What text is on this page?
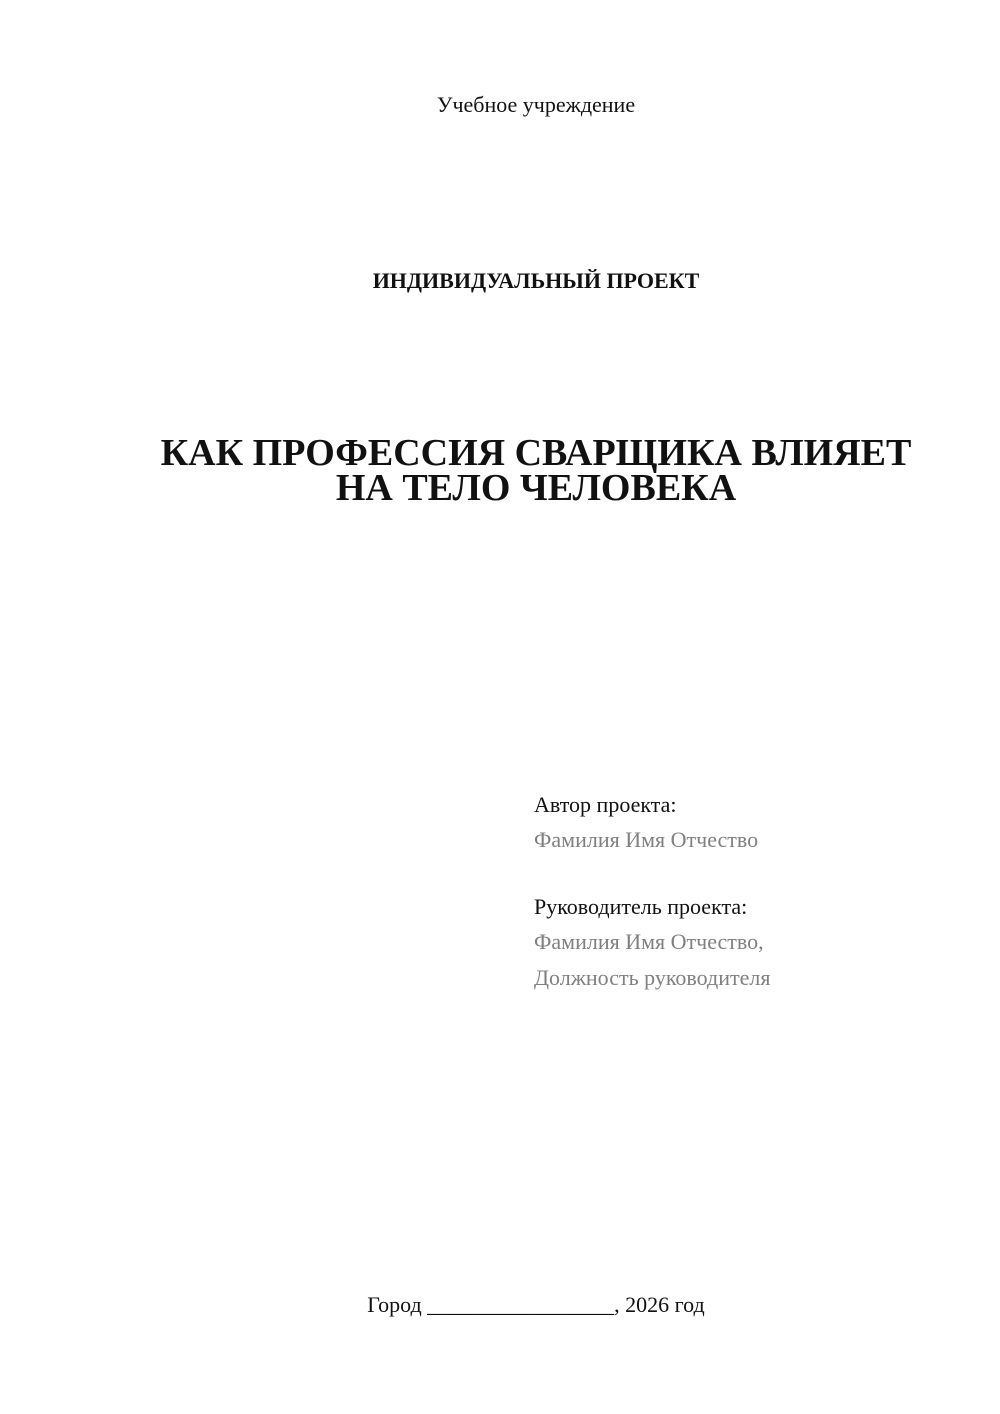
Учебное учреждение
ИНДИВИДУАЛЬНЫЙ ПРОЕКТ
КАК ПРОФЕССИЯ СВАРЩИКА ВЛИЯЕТ
НА ТЕЛО ЧЕЛОВЕКА
Автор проекта:
Фамилия Имя Отчество
Руководитель проекта:
Фамилия Имя Отчество,
Должность руководителя
Город _________________, 2026 год
